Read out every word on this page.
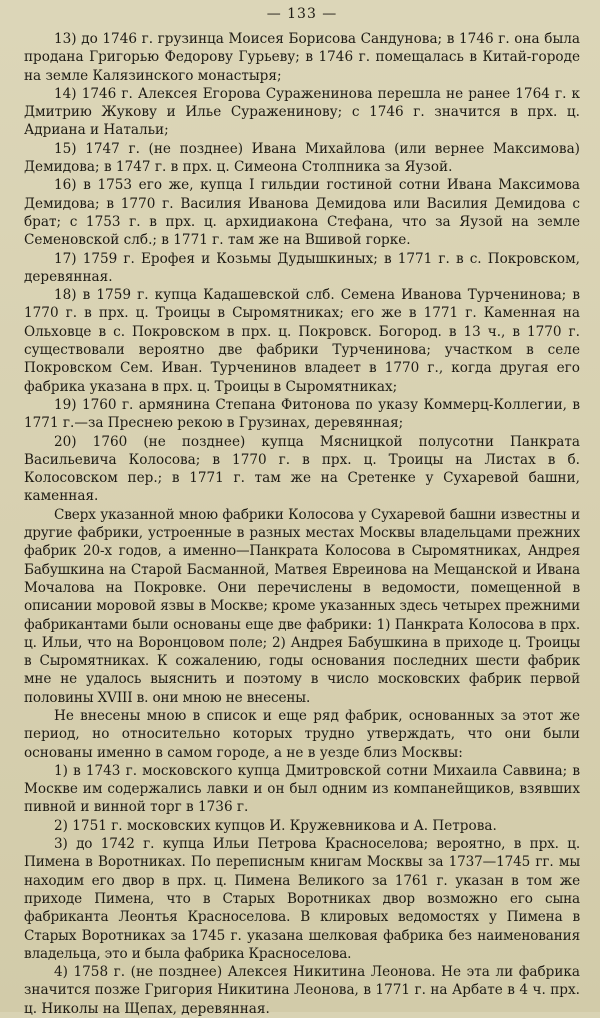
— 133 —

13) до 1746 г. грузинца Моисея Борисова Сандунова; в 1746 г. она была продана Григорью Федорову Гурьеву; в 1746 г. помещалась в Китай-городе на земле Калязинского монастыря;

14) 1746 г. Алексея Егорова Сураженинова перешла не ранее 1764 г. к Дмитрию Жукову и Илье Сураженинову; с 1746 г. значится в прх. ц. Адриана и Натальи;

15) 1747 г. (не позднее) Ивана Михайлова (или вернее Максимова) Демидова; в 1747 г. в прх. ц. Симеона Столпника за Яузой.

16) в 1753 его же, купца I гильдии гостиной сотни Ивана Максимова Демидова; в 1770 г. Василия Иванова Демидова или Василия Демидова с брат; с 1753 г. в прх. ц. архидиакона Стефана, что за Яузой на земле Семеновской слб.; в 1771 г. там же на Вшивой горке.

17) 1759 г. Ерофея и Козьмы Дудышкиных; в 1771 г. в с. Покровском, деревянная.

18) в 1759 г. купца Кадашевской слб. Семена Иванова Турченинова; в 1770 г. в прх. ц. Троицы в Сыромятниках; его же в 1771 г. Каменная на Ольховце в с. Покровском в прх. ц. Покровск. Богород. в 13 ч., в 1770 г. существовали вероятно две фабрики Турченинова; участком в селе Покровском Сем. Иван. Турченинов владеет в 1770 г., когда другая его фабрика указана в прх. ц. Троицы в Сыромятниках;

19) 1760 г. армянина Степана Фитонова по указу Коммерц-Коллегии, в 1771 г.—за Преснею рекою в Грузинах, деревянная;

20) 1760 (не позднее) купца Мясницкой полусотни Панкрата Васильевича Колосова; в 1770 г. в прх. ц. Троицы на Листах в б. Колосовском пер.; в 1771 г. там же на Сретенке у Сухаревой башни, каменная.

Сверх указанной мною фабрики Колосова у Сухаревой башни известны и другие фабрики, устроенные в разных местах Москвы владельцами прежних фабрик 20-х годов, а именно—Панкрата Колосова в Сыромятниках, Андрея Бабушкина на Старой Басманной, Матвея Евреинова на Мещанской и Ивана Мочалова на Покровке. Они перечислены в ведомости, помещенной в описании моровой язвы в Москве; кроме указанных здесь четырех прежними фабрикантами были основаны еще две фабрики: 1) Панкрата Колосова в прх. ц. Ильи, что на Воронцовом поле; 2) Андрея Бабушкина в приходе ц. Троицы в Сыромятниках. К сожалению, годы основания последних шести фабрик мне не удалось выяснить и поэтому в число московских фабрик первой половины XVIII в. они мною не внесены.

Не внесены мною в список и еще ряд фабрик, основанных за этот же период, но относительно которых трудно утверждать, что они были основаны именно в самом городе, а не в уезде близ Москвы:

1) в 1743 г. московского купца Дмитровской сотни Михаила Саввина; в Москве им содержались лавки и он был одним из компанейщиков, взявших пивной и винной торг в 1736 г.

2) 1751 г. московских купцов И. Кружевникова и А. Петрова.

3) до 1742 г. купца Ильи Петрова Красноселова; вероятно, в прх. ц. Пимена в Воротниках. По переписным книгам Москвы за 1737—1745 гг. мы находим его двор в прх. ц. Пимена Великого за 1761 г. указан в том же приходе Пимена, что в Старых Воротниках двор возможно его сына фабриканта Леонтья Красноселова. В клировых ведомостях у Пимена в Старых Воротниках за 1745 г. указана шелковая фабрика без наименования владельца, это и была фабрика Красноселова.

4) 1758 г. (не позднее) Алексея Никитина Леонова. Не эта ли фабрика значится позже Григория Никитина Леонова, в 1771 г. на Арбате в 4 ч. прх. ц. Николы на Щепах, деревянная.
